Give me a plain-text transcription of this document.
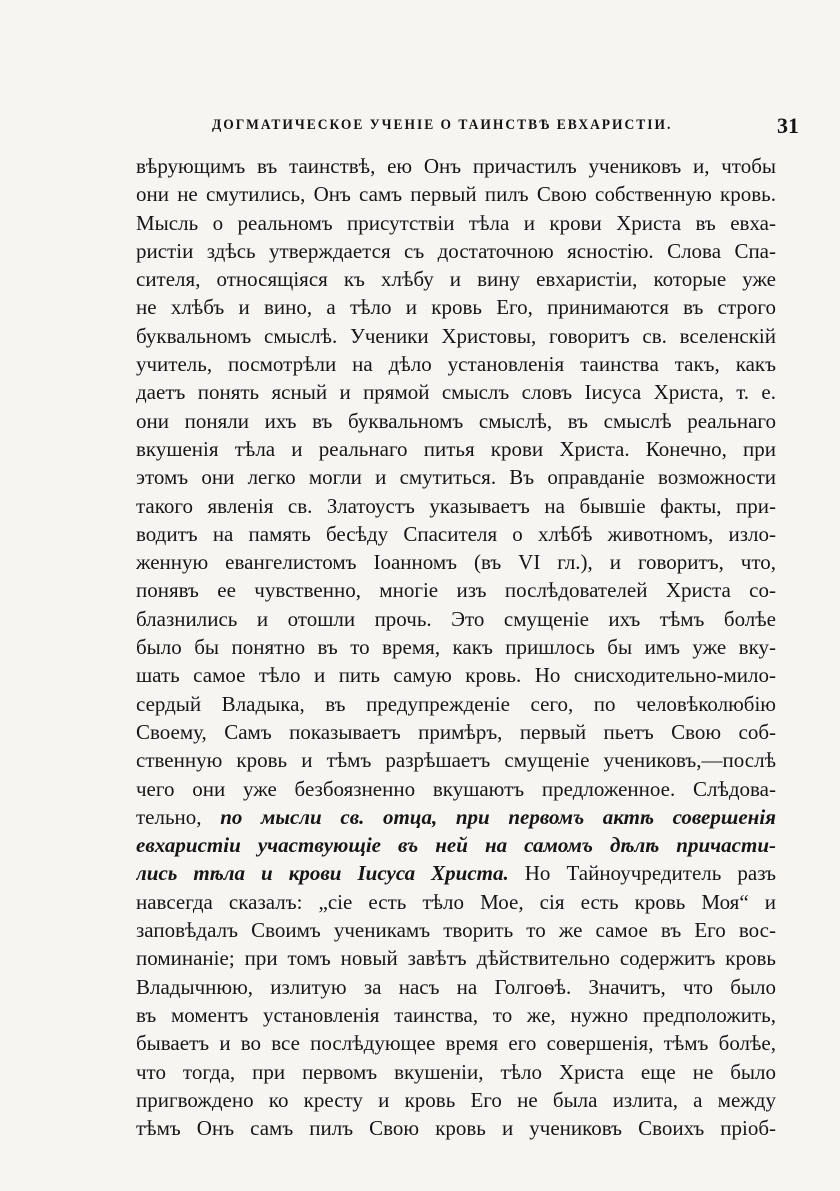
ДОГМАТИЧЕСКОЕ УЧЕНІЕ О ТАИНСТВѢ ЕВХАРИСТІИ.	31
вѣрующимъ въ таинствѣ, ею Онъ причастилъ учениковъ и, чтобы
они не смутились, Онъ самъ первый пилъ Свою собственную кровь.
Мысль о реальномъ присутствіи тѣла и крови Христа въ евха-
ристіи здѣсь утверждается съ достаточною ясностію. Слова Спа-
сителя, относящіяся къ хлѣбу и вину евхаристіи, которые уже
не хлѣбъ и вино, а тѣло и кровь Его, принимаются въ строго
буквальномъ смыслѣ. Ученики Христовы, говоритъ св. вселенскій
учитель, посмотрѣли на дѣло установленія таинства такъ, какъ
даетъ понять ясный и прямой смыслъ словъ Іисуса Христа, т. е.
они поняли ихъ въ буквальномъ смыслѣ, въ смыслѣ реальнаго
вкушенія тѣла и реальнаго питья крови Христа. Конечно, при
этомъ они легко могли и смутиться. Въ оправданіе возможности
такого явленія св. Златоустъ указываетъ на бывшіе факты, при-
водитъ на память бесѣду Спасителя о хлѣбѣ животномъ, изло-
женную евангелистомъ Іоанномъ (въ VI гл.), и говоритъ, что,
понявъ ее чувственно, многіе изъ послѣдователей Христа со-
блазнились и отошли прочь. Это смущеніе ихъ тѣмъ болѣе
было бы понятно въ то время, какъ пришлось бы имъ уже вку-
шать самое тѣло и пить самую кровь. Но снисходительно-мило-
сердый Владыка, въ предупрежденіе сего, по человѣколюбію
Своему, Самъ показываетъ примѣръ, первый пьетъ Свою соб-
ственную кровь и тѣмъ разрѣшаетъ смущеніе учениковъ,—послѣ
чего они уже безбоязненно вкушаютъ предложенное. Слѣдова-
тельно, по мысли св. отца, при первомъ актѣ совершенія
евхаристіи участвующіе въ ней на самомъ дѣлѣ причасти-
лись тѣла и крови Іисуса Христа. Но Тайноучредитель разъ
навсегда сказалъ: „сіе есть тѣло Мое, сія есть кровь Моя“ и
заповѣдалъ Своимъ ученикамъ творить то же самое въ Его вос-
поминаніе; при томъ новый завѣтъ дѣйствительно содержитъ кровь
Владычнюю, излитую за насъ на Голгоѳѣ. Значитъ, что было
въ моментъ установленія таинства, то же, нужно предположить,
бываетъ и во все послѣдующее время его совершенія, тѣмъ болѣе,
что тогда, при первомъ вкушеніи, тѣло Христа еще не было
пригвождено ко кресту и кровь Его не была излита, а между
тѣмъ Онъ самъ пилъ Свою кровь и учениковъ Своихъ пріоб-
